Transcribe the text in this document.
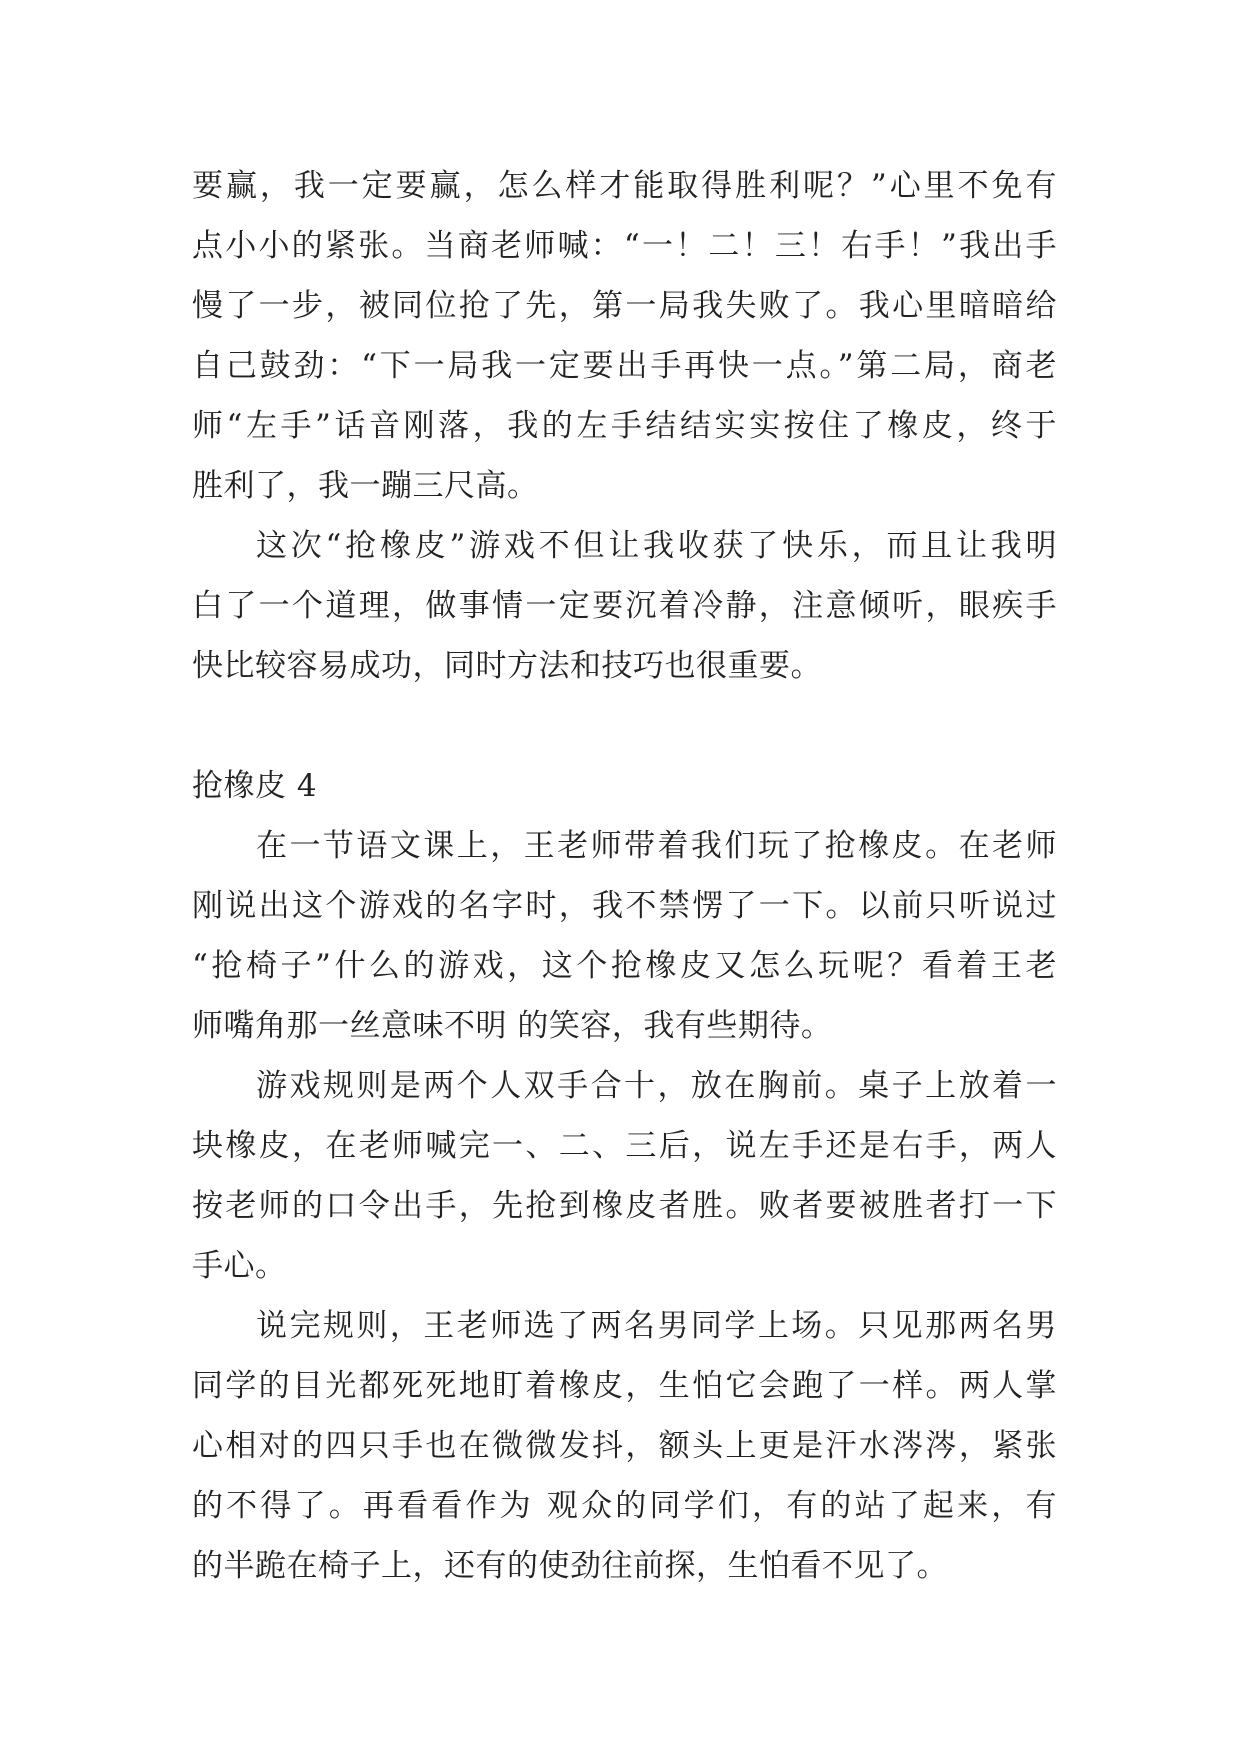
要赢，我一定要赢，怎么样才能取得胜利呢？”心里不免有
点小小的紧张。当商老师喊：“一！二！三！右手！”我出手
慢了一步，被同位抢了先，第一局我失败了。我心里暗暗给
自己鼓劲：“下一局我一定要出手再快一点。”第二局，商老
师“左手”话音刚落，我的左手结结实实按住了橡皮，终于
胜利了，我一蹦三尺高。
这次“抢橡皮”游戏不但让我收获了快乐，而且让我明
白了一个道理，做事情一定要沉着冷静，注意倾听，眼疾手
快比较容易成功，同时方法和技巧也很重要。
抢橡皮 4
在一节语文课上，王老师带着我们玩了抢橡皮。在老师
刚说出这个游戏的名字时，我不禁愣了一下。以前只听说过
“抢椅子”什么的游戏，这个抢橡皮又怎么玩呢？看着王老
师嘴角那一丝意味不明 的笑容，我有些期待。
游戏规则是两个人双手合十，放在胸前。桌子上放着一
块橡皮，在老师喊完一、二、三后，说左手还是右手，两人
按老师的口令出手，先抢到橡皮者胜。败者要被胜者打一下
手心。
说完规则，王老师选了两名男同学上场。只见那两名男
同学的目光都死死地盯着橡皮，生怕它会跑了一样。两人掌
心相对的四只手也在微微发抖，额头上更是汗水涔涔，紧张
的不得了。再看看作为 观众的同学们，有的站了起来，有
的半跪在椅子上，还有的使劲往前探，生怕看不见了。
